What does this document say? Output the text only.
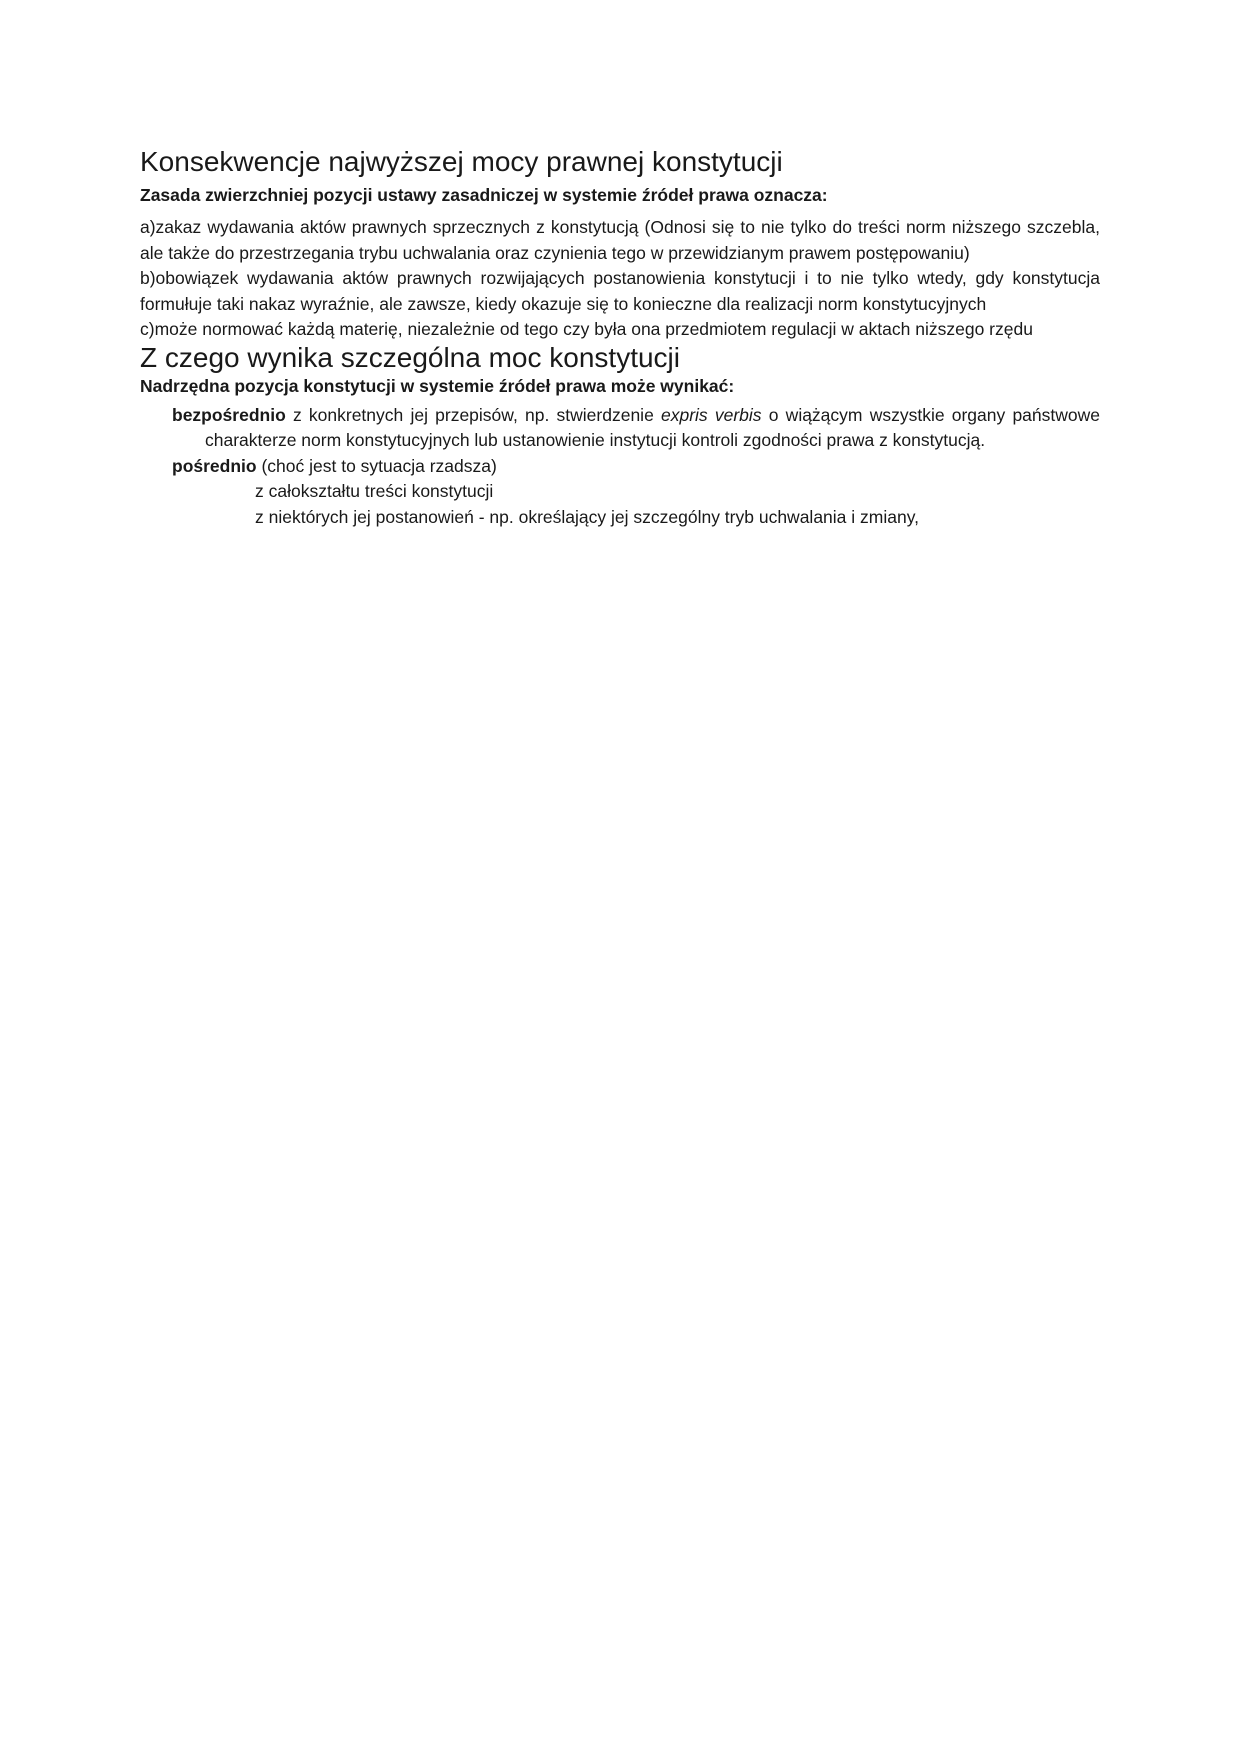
Konsekwencje najwyższej mocy prawnej konstytucji

Zasada zwierzchniej pozycji ustawy zasadniczej w systemie źródeł prawa oznacza:

a)zakaz wydawania aktów prawnych sprzecznych z konstytucją (Odnosi się to nie tylko do treści norm niższego szczebla, ale także do przestrzegania trybu uchwalania oraz czynienia tego w przewidzianym prawem postępowaniu)

b)obowiązek wydawania aktów prawnych rozwijających postanowienia konstytucji i to nie tylko wtedy, gdy konstytucja formułuje taki nakaz wyraźnie, ale zawsze, kiedy okazuje się to konieczne dla realizacji norm konstytucyjnych

c)może normować każdą materię, niezależnie od tego czy była ona przedmiotem regulacji w aktach niższego rzędu

Z czego wynika szczególna moc konstytucji

Nadrzędna pozycja konstytucji w systemie źródeł prawa może wynikać:

bezpośrednio z konkretnych jej przepisów, np. stwierdzenie expris verbis o wiążącym wszystkie organy państwowe charakterze norm konstytucyjnych lub ustanowienie instytucji kontroli zgodności prawa z konstytucją.

pośrednio (choć jest to sytuacja rzadsza)

z całokształtu treści konstytucji

z niektórych jej postanowień - np. określający jej szczególny tryb uchwalania i zmiany,
